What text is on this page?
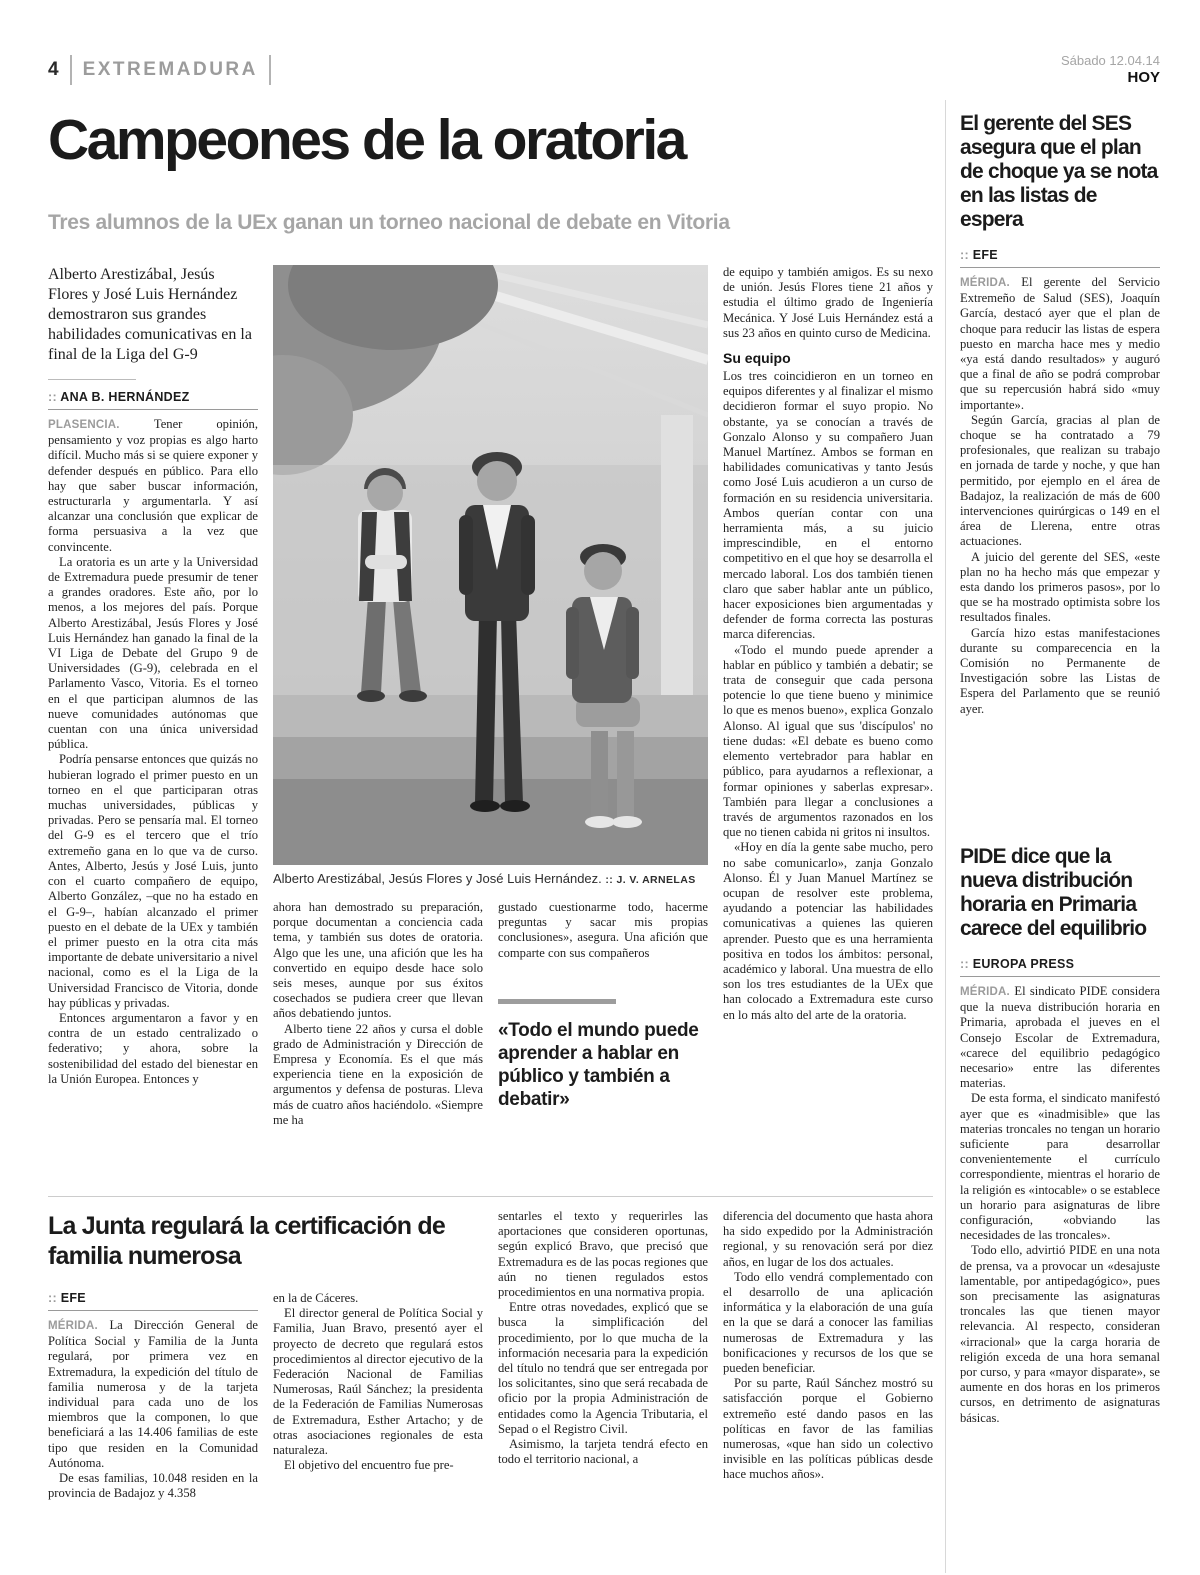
4 EXTREMADURA	Sábado 12.04.14
HOY
Campeones de la oratoria
Tres alumnos de la UEx ganan un torneo nacional de debate en Vitoria
Alberto Arestizábal, Jesús Flores y José Luis Hernández demostraron sus grandes habilidades comunicativas en la final de la Liga del G-9
:: ANA B. HERNÁNDEZ

PLASENCIA. Tener opinión, pensamiento y voz propias es algo harto difícil. Mucho más si se quiere exponer y defender después en público. Para ello hay que saber buscar información, estructurarla y argumentarla. Y así alcanzar una conclusión que explicar de forma persuasiva a la vez que convincente.

La oratoria es un arte y la Universidad de Extremadura puede presumir de tener a grandes oradores. Este año, por lo menos, a los mejores del país. Porque Alberto Arestizábal, Jesús Flores y José Luis Hernández han ganado la final de la VI Liga de Debate del Grupo 9 de Universidades (G-9), celebrada en el Parlamento Vasco, Vitoria. Es el torneo en el que participan alumnos de las nueve comunidades autónomas que cuentan con una única universidad pública.

Podría pensarse entonces que quizás no hubieran logrado el primer puesto en un torneo en el que participaran otras muchas universidades, públicas y privadas. Pero se pensaría mal. El torneo del G-9 es el tercero que el trío extremeño gana en lo que va de curso. Antes, Alberto, Jesús y José Luis, junto con el cuarto compañero de equipo, Alberto González, –que no ha estado en el G-9–, habían alcanzado el primer puesto en el debate de la UEx y también el primer puesto en la otra cita más importante de debate universitario a nivel nacional, como es el la Liga de la Universidad Francisco de Vitoria, donde hay públicas y privadas.

Entonces argumentaron a favor y en contra de un estado centralizado o federativo; y ahora, sobre la sostenibilidad del estado del bienestar en la Unión Europea. Entonces y

Alberto Arestizábal, Jesús Flores y José Luis Hernández. :: J. V. ARNELAS

ahora han demostrado su preparación, porque documentan a conciencia cada tema, y también sus dotes de oratoria. Algo que les une, una afición que les ha convertido en equipo desde hace solo seis meses, aunque por sus éxitos cosechados se pudiera creer que llevan años debatiendo juntos.

Alberto tiene 22 años y cursa el doble grado de Administración y Dirección de Empresa y Economía. Es el que más experiencia tiene en la exposición de argumentos y defensa de posturas. Lleva más de cuatro años haciéndolo. «Siempre me ha

gustado cuestionarme todo, hacerme preguntas y sacar mis propias conclusiones», asegura. Una afición que comparte con sus compañeros

«Todo el mundo puede aprender a hablar en público y también a debatir»

de equipo y también amigos. Es su nexo de unión. Jesús Flores tiene 21 años y estudia el último grado de Ingeniería Mecánica. Y José Luis Hernández está a sus 23 años en quinto curso de Medicina.

Su equipo

Los tres coincidieron en un torneo en equipos diferentes y al finalizar el mismo decidieron formar el suyo propio. No obstante, ya se conocían a través de Gonzalo Alonso y su compañero Juan Manuel Martínez. Ambos se forman en habilidades comunicativas y tanto Jesús como José Luis acudieron a un curso de formación en su residencia universitaria. Ambos querían contar con una herramienta más, a su juicio imprescindible, en el entorno competitivo en el que hoy se desarrolla el mercado laboral. Los dos también tienen claro que saber hablar ante un público, hacer exposiciones bien argumentadas y defender de forma correcta las posturas marca diferencias.

«Todo el mundo puede aprender a hablar en público y también a debatir; se trata de conseguir que cada persona potencie lo que tiene bueno y minimice lo que es menos bueno», explica Gonzalo Alonso. Al igual que sus 'discípulos' no tiene dudas: «El debate es bueno como elemento vertebrador para hablar en público, para ayudarnos a reflexionar, a formar opiniones y saberlas expresar». También para llegar a conclusiones a través de argumentos razonados en los que no tienen cabida ni gritos ni insultos.

«Hoy en día la gente sabe mucho, pero no sabe comunicarlo», zanja Gonzalo Alonso. Él y Juan Manuel Martínez se ocupan de resolver este problema, ayudando a potenciar las habilidades comunicativas a quienes las quieren aprender. Puesto que es una herramienta positiva en todos los ámbitos: personal, académico y laboral. Una muestra de ello son los tres estudiantes de la UEx que han colocado a Extremadura este curso en lo más alto del arte de la oratoria.

La Junta regulará la certificación de familia numerosa
:: EFE

MÉRIDA. La Dirección General de Política Social y Familia de la Junta regulará, por primera vez en Extremadura, la expedición del título de familia numerosa y de la tarjeta individual para cada uno de los miembros que la componen, lo que beneficiará a las 14.406 familias de este tipo que residen en la Comunidad Autónoma.

De esas familias, 10.048 residen en la provincia de Badajoz y 4.358

en la de Cáceres.

El director general de Política Social y Familia, Juan Bravo, presentó ayer el proyecto de decreto que regulará estos procedimientos al director ejecutivo de la Federación Nacional de Familias Numerosas, Raúl Sánchez; la presidenta de la Federación de Familias Numerosas de Extremadura, Esther Artacho; y de otras asociaciones regionales de esta naturaleza.

El objetivo del encuentro fue pre-

sentarles el texto y requerirles las aportaciones que consideren oportunas, según explicó Bravo, que precisó que Extremadura es de las pocas regiones que aún no tienen regulados estos procedimientos en una normativa propia.

Entre otras novedades, explicó que se busca la simplificación del procedimiento, por lo que mucha de la información necesaria para la expedición del título no tendrá que ser entregada por los solicitantes, sino que será recabada de oficio por la propia Administración de entidades como la Agencia Tributaria, el Sepad o el Registro Civil.

Asimismo, la tarjeta tendrá efecto en todo el territorio nacional, a

diferencia del documento que hasta ahora ha sido expedido por la Administración regional, y su renovación será por diez años, en lugar de los dos actuales.

Todo ello vendrá complementado con el desarrollo de una aplicación informática y la elaboración de una guía en la que se dará a conocer las familias numerosas de Extremadura y las bonificaciones y recursos de los que se pueden beneficiar.

Por su parte, Raúl Sánchez mostró su satisfacción porque el Gobierno extremeño esté dando pasos en las políticas en favor de las familias numerosas, «que han sido un colectivo invisible en las políticas públicas desde hace muchos años».

El gerente del SES asegura que el plan de choque ya se nota en las listas de espera
:: EFE

MÉRIDA. El gerente del Servicio Extremeño de Salud (SES), Joaquín García, destacó ayer que el plan de choque para reducir las listas de espera puesto en marcha hace mes y medio «ya está dando resultados» y auguró que a final de año se podrá comprobar que su repercusión habrá sido «muy importante».

Según García, gracias al plan de choque se ha contratado a 79 profesionales, que realizan su trabajo en jornada de tarde y noche, y que han permitido, por ejemplo en el área de Badajoz, la realización de más de 600 intervenciones quirúrgicas o 149 en el área de Llerena, entre otras actuaciones.

A juicio del gerente del SES, «este plan no ha hecho más que empezar y esta dando los primeros pasos», por lo que se ha mostrado optimista sobre los resultados finales.

García hizo estas manifestaciones durante su comparecencia en la Comisión no Permanente de Investigación sobre las Listas de Espera del Parlamento que se reunió ayer.

PIDE dice que la nueva distribución horaria en Primaria carece del equilibrio
:: EUROPA PRESS

MÉRIDA. El sindicato PIDE considera que la nueva distribución horaria en Primaria, aprobada el jueves en el Consejo Escolar de Extremadura, «carece del equilibrio pedagógico necesario» entre las diferentes materias.

De esta forma, el sindicato manifestó ayer que es «inadmisible» que las materias troncales no tengan un horario suficiente para desarrollar convenientemente el currículo correspondiente, mientras el horario de la religión es «intocable» o se establece un horario para asignaturas de libre configuración, «obviando las necesidades de las troncales».

Todo ello, advirtió PIDE en una nota de prensa, va a provocar un «desajuste lamentable, por antipedagógico», pues son precisamente las asignaturas troncales las que tienen mayor relevancia. Al respecto, consideran «irracional» que la carga horaria de religión exceda de una hora semanal por curso, y para «mayor disparate», se aumente en dos horas en los primeros cursos, en detrimento de asignaturas básicas.
